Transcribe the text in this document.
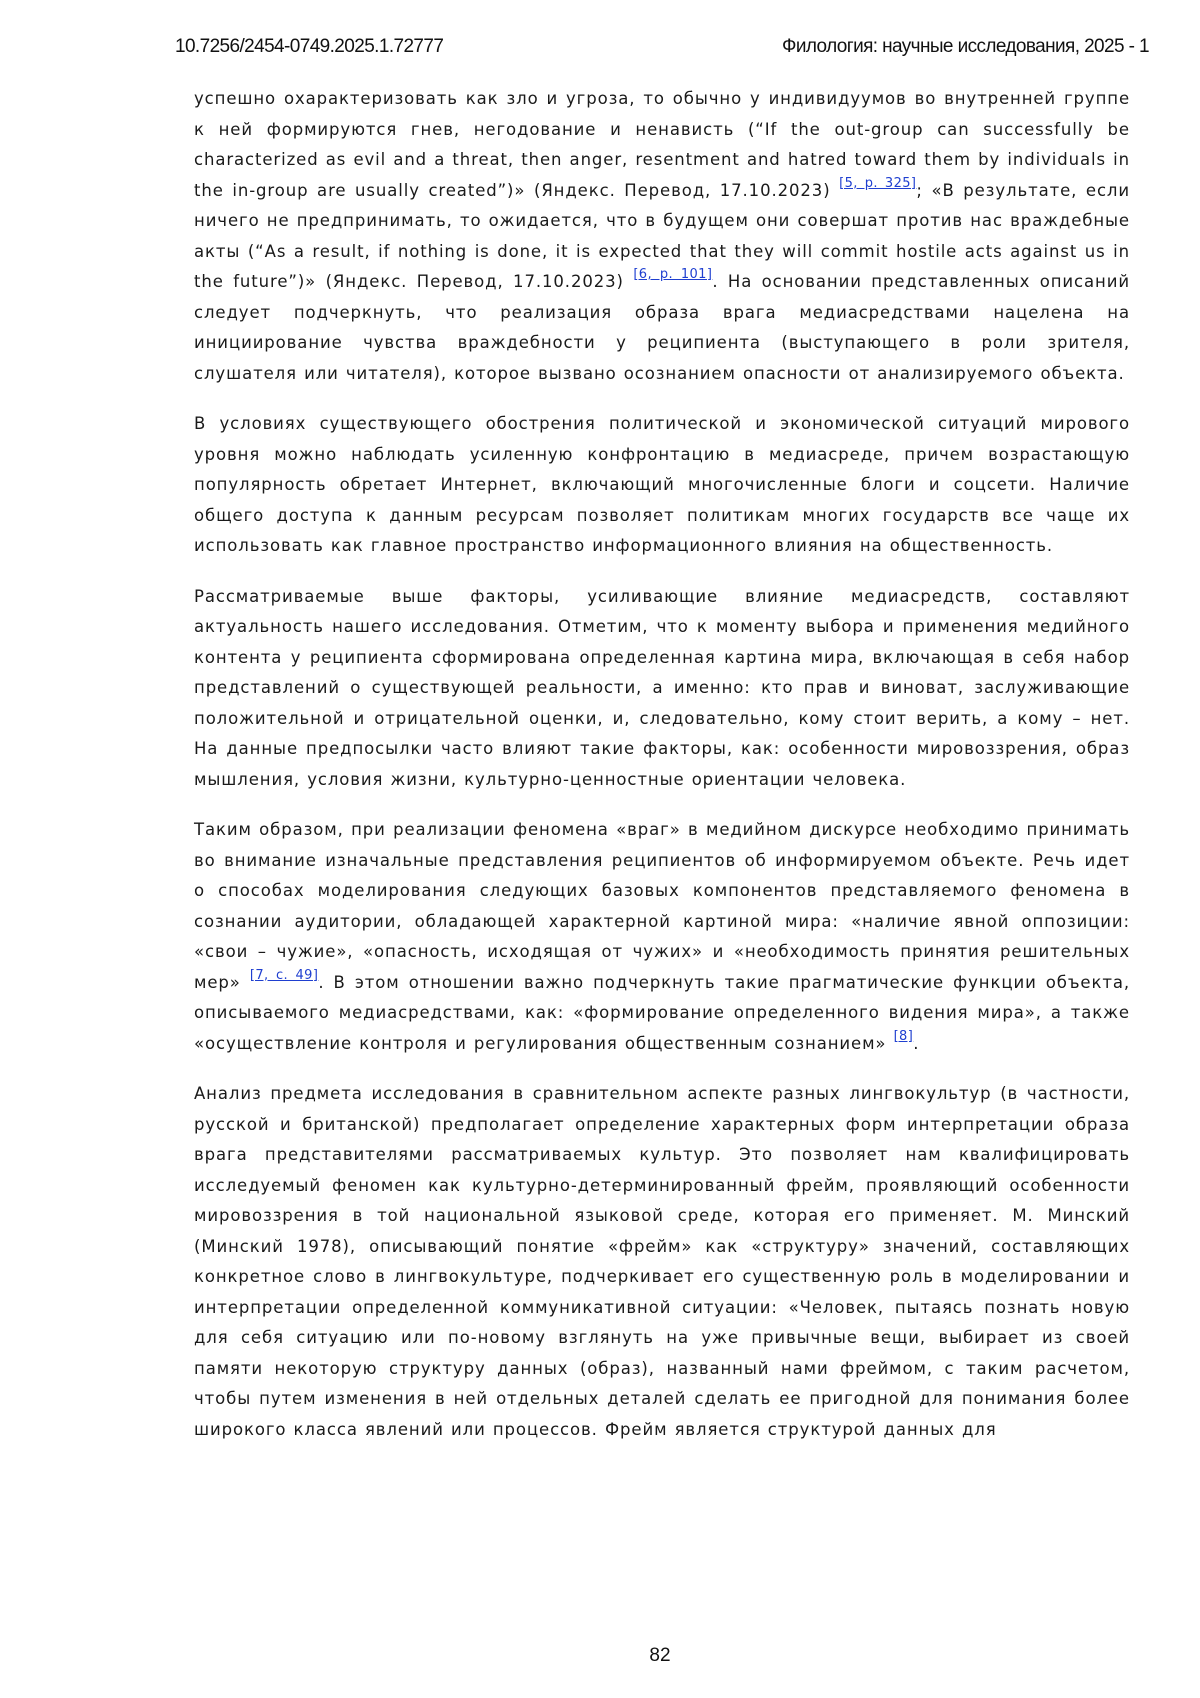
10.7256/2454-0749.2025.1.72777	Филология: научные исследования, 2025 - 1

успешно охарактеризовать как зло и угроза, то обычно у индивидуумов во внутренней группе к ней формируются гнев, негодование и ненависть (“If the out-group can successfully be characterized as evil and a threat, then anger, resentment and hatred toward them by individuals in the in-group are usually created”)» (Яндекс. Перевод, 17.10.2023) [5, p. 325]; «В результате, если ничего не предпринимать, то ожидается, что в будущем они совершат против нас враждебные акты (“As a result, if nothing is done, it is expected that they will commit hostile acts against us in the future”)» (Яндекс. Перевод, 17.10.2023) [6, p. 101]. На основании представленных описаний следует подчеркнуть, что реализация образа врага медиасредствами нацелена на инициирование чувства враждебности у реципиента (выступающего в роли зрителя, слушателя или читателя), которое вызвано осознанием опасности от анализируемого объекта.

В условиях существующего обострения политической и экономической ситуаций мирового уровня можно наблюдать усиленную конфронтацию в медиасреде, причем возрастающую популярность обретает Интернет, включающий многочисленные блоги и соцсети. Наличие общего доступа к данным ресурсам позволяет политикам многих государств все чаще их использовать как главное пространство информационного влияния на общественность.

Рассматриваемые выше факторы, усиливающие влияние медиасредств, составляют актуальность нашего исследования. Отметим, что к моменту выбора и применения медийного контента у реципиента сформирована определенная картина мира, включающая в себя набор представлений о существующей реальности, а именно: кто прав и виноват, заслуживающие положительной и отрицательной оценки, и, следовательно, кому стоит верить, а кому – нет. На данные предпосылки часто влияют такие факторы, как: особенности мировоззрения, образ мышления, условия жизни, культурно-ценностные ориентации человека.

Таким образом, при реализации феномена «враг» в медийном дискурсе необходимо принимать во внимание изначальные представления реципиентов об информируемом объекте. Речь идет о способах моделирования следующих базовых компонентов представляемого феномена в сознании аудитории, обладающей характерной картиной мира: «наличие явной оппозиции: «свои – чужие», «опасность, исходящая от чужих» и «необходимость принятия решительных мер» [7, с. 49]. В этом отношении важно подчеркнуть такие прагматические функции объекта, описываемого медиасредствами, как: «формирование определенного видения мира», а также «осуществление контроля и регулирования общественным сознанием» [8].

Анализ предмета исследования в сравнительном аспекте разных лингвокультур (в частности, русской и британской) предполагает определение характерных форм интерпретации образа врага представителями рассматриваемых культур. Это позволяет нам квалифицировать исследуемый феномен как культурно-детерминированный фрейм, проявляющий особенности мировоззрения в той национальной языковой среде, которая его применяет. М. Минский (Минский 1978), описывающий понятие «фрейм» как «структуру» значений, составляющих конкретное слово в лингвокультуре, подчеркивает его существенную роль в моделировании и интерпретации определенной коммуникативной ситуации: «Человек, пытаясь познать новую для себя ситуацию или по-новому взглянуть на уже привычные вещи, выбирает из своей памяти некоторую структуру данных (образ), названный нами фреймом, с таким расчетом, чтобы путем изменения в ней отдельных деталей сделать ее пригодной для понимания более широкого класса явлений или процессов. Фрейм является структурой данных для

82
